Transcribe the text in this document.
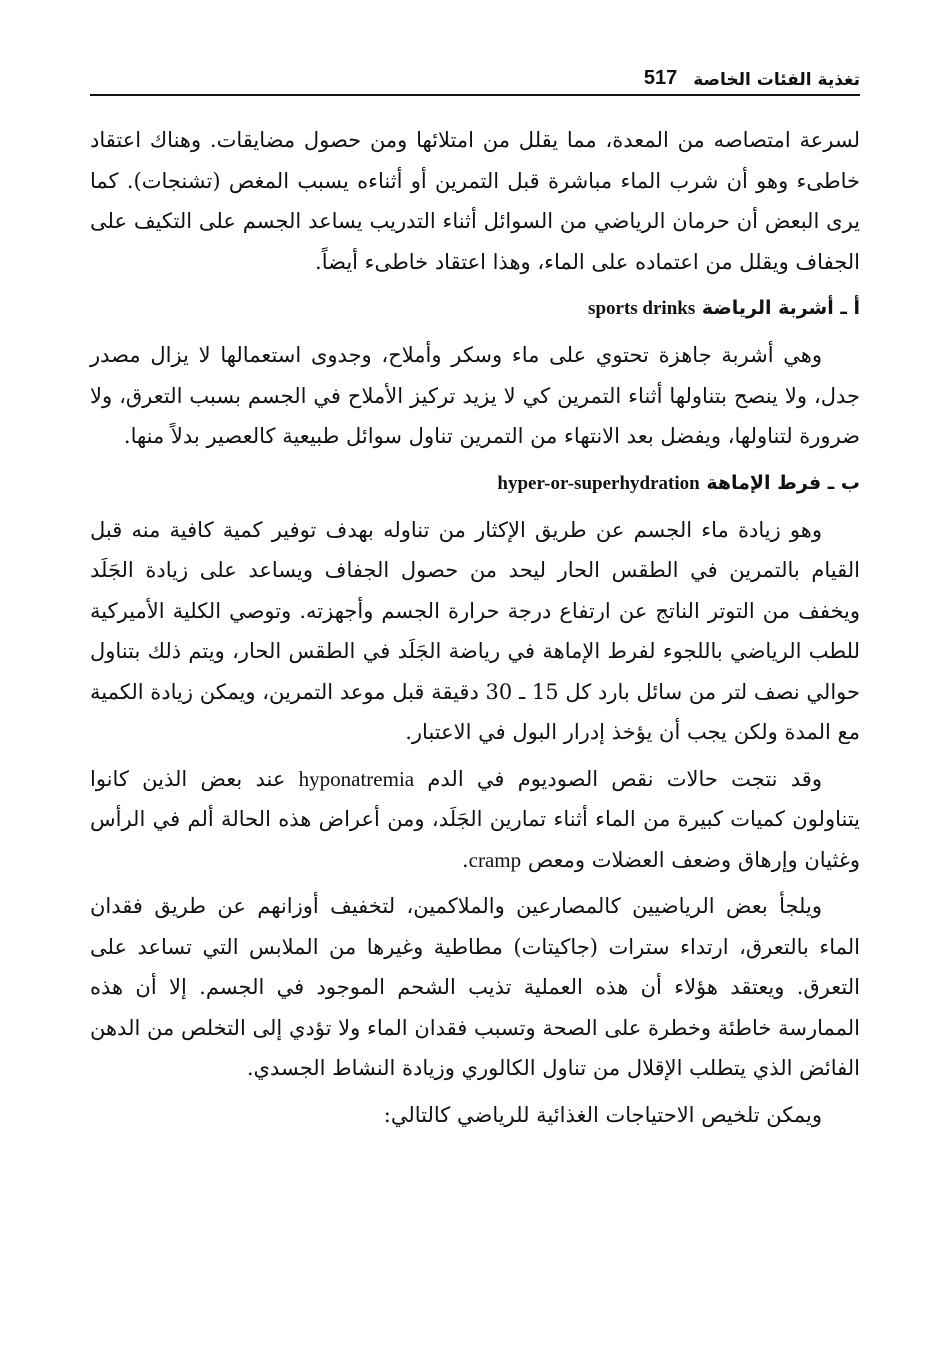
517 تغذية الفئات الخاصة

لسرعة امتصاصه من المعدة، مما يقلل من امتلائها ومن حصول مضايقات. وهناك اعتقاد خاطىء وهو أن شرب الماء مباشرة قبل التمرين أو أثناءه يسبب المغص (تشنجات). كما يرى البعض أن حرمان الرياضي من السوائل أثناء التدريب يساعد الجسم على التكيف على الجفاف ويقلل من اعتماده على الماء، وهذا اعتقاد خاطىء أيضاً.

أ ـ أشربة الرياضة sports drinks

وهي أشربة جاهزة تحتوي على ماء وسكر وأملاح، وجدوى استعمالها لا يزال مصدر جدل، ولا ينصح بتناولها أثناء التمرين كي لا يزيد تركيز الأملاح في الجسم بسبب التعرق، ولا ضرورة لتناولها، ويفضل بعد الانتهاء من التمرين تناول سوائل طبيعية كالعصير بدلاً منها.

ب ـ فرط الإماهة hyper-or-superhydration

وهو زيادة ماء الجسم عن طريق الإكثار من تناوله بهدف توفير كمية كافية منه قبل القيام بالتمرين في الطقس الحار ليحد من حصول الجفاف ويساعد على زيادة الجَلَد ويخفف من التوتر الناتج عن ارتفاع درجة حرارة الجسم وأجهزته. وتوصي الكلية الأميركية للطب الرياضي باللجوء لفرط الإماهة في رياضة الجَلَد في الطقس الحار، ويتم ذلك بتناول حوالي نصف لتر من سائل بارد كل 15 ـ 30 دقيقة قبل موعد التمرين، ويمكن زيادة الكمية مع المدة ولكن يجب أن يؤخذ إدرار البول في الاعتبار.

وقد نتجت حالات نقص الصوديوم في الدم hyponatremia عند بعض الذين كانوا يتناولون كميات كبيرة من الماء أثناء تمارين الجَلَد، ومن أعراض هذه الحالة ألم في الرأس وغثيان وإرهاق وضعف العضلات ومعص cramp.

ويلجأ بعض الرياضيين كالمصارعين والملاكمين، لتخفيف أوزانهم عن طريق فقدان الماء بالتعرق، ارتداء سترات (جاكيتات) مطاطية وغيرها من الملابس التي تساعد على التعرق. ويعتقد هؤلاء أن هذه العملية تذيب الشحم الموجود في الجسم. إلا أن هذه الممارسة خاطئة وخطرة على الصحة وتسبب فقدان الماء ولا تؤدي إلى التخلص من الدهن الفائض الذي يتطلب الإقلال من تناول الكالوري وزيادة النشاط الجسدي.

ويمكن تلخيص الاحتياجات الغذائية للرياضي كالتالي:
